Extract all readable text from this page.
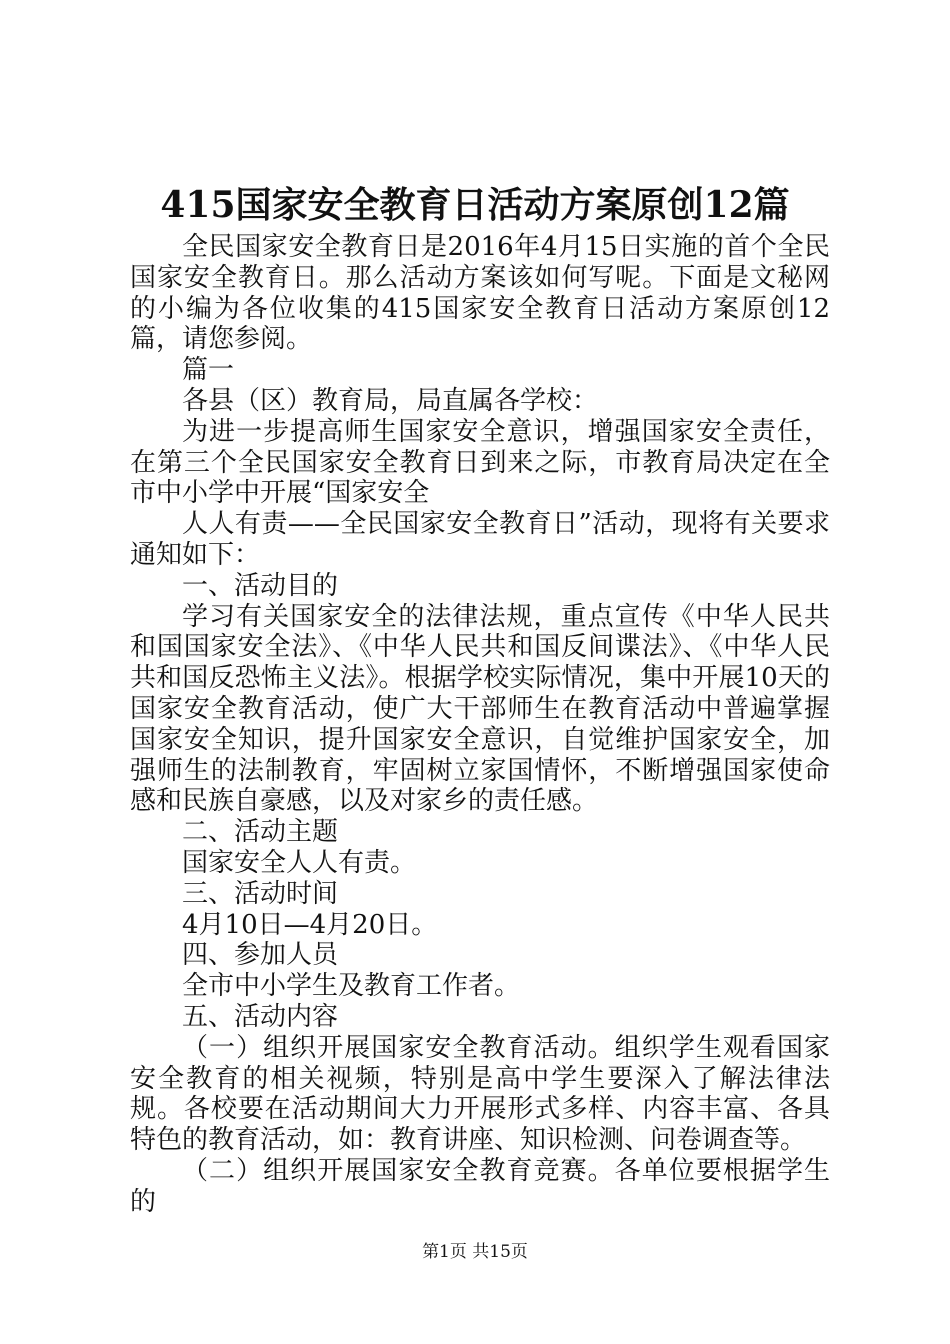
415国家安全教育日活动方案原创12篇

全民国家安全教育日是2016年4月15日实施的首个全民国家安全教育日。那么活动方案该如何写呢。下面是文秘网的小编为各位收集的415国家安全教育日活动方案原创12篇，请您参阅。

篇一

各县（区）教育局，局直属各学校：

为进一步提高师生国家安全意识，增强国家安全责任，在第三个全民国家安全教育日到来之际，市教育局决定在全市中小学中开展“国家安全

人人有责——全民国家安全教育日”活动，现将有关要求通知如下：

一、活动目的

学习有关国家安全的法律法规，重点宣传《中华人民共和国国家安全法》、《中华人民共和国反间谍法》、《中华人民共和国反恐怖主义法》。根据学校实际情况，集中开展10天的国家安全教育活动，使广大干部师生在教育活动中普遍掌握国家安全知识，提升国家安全意识，自觉维护国家安全，加强师生的法制教育，牢固树立家国情怀，不断增强国家使命感和民族自豪感，以及对家乡的责任感。

二、活动主题

国家安全人人有责。

三、活动时间

4月10日—4月20日。

四、参加人员

全市中小学生及教育工作者。

五、活动内容

（一）组织开展国家安全教育活动。组织学生观看国家安全教育的相关视频，特别是高中学生要深入了解法律法规。各校要在活动期间大力开展形式多样、内容丰富、各具特色的教育活动，如：教育讲座、知识检测、问卷调查等。

（二）组织开展国家安全教育竞赛。各单位要根据学生的

第1页 共15页
